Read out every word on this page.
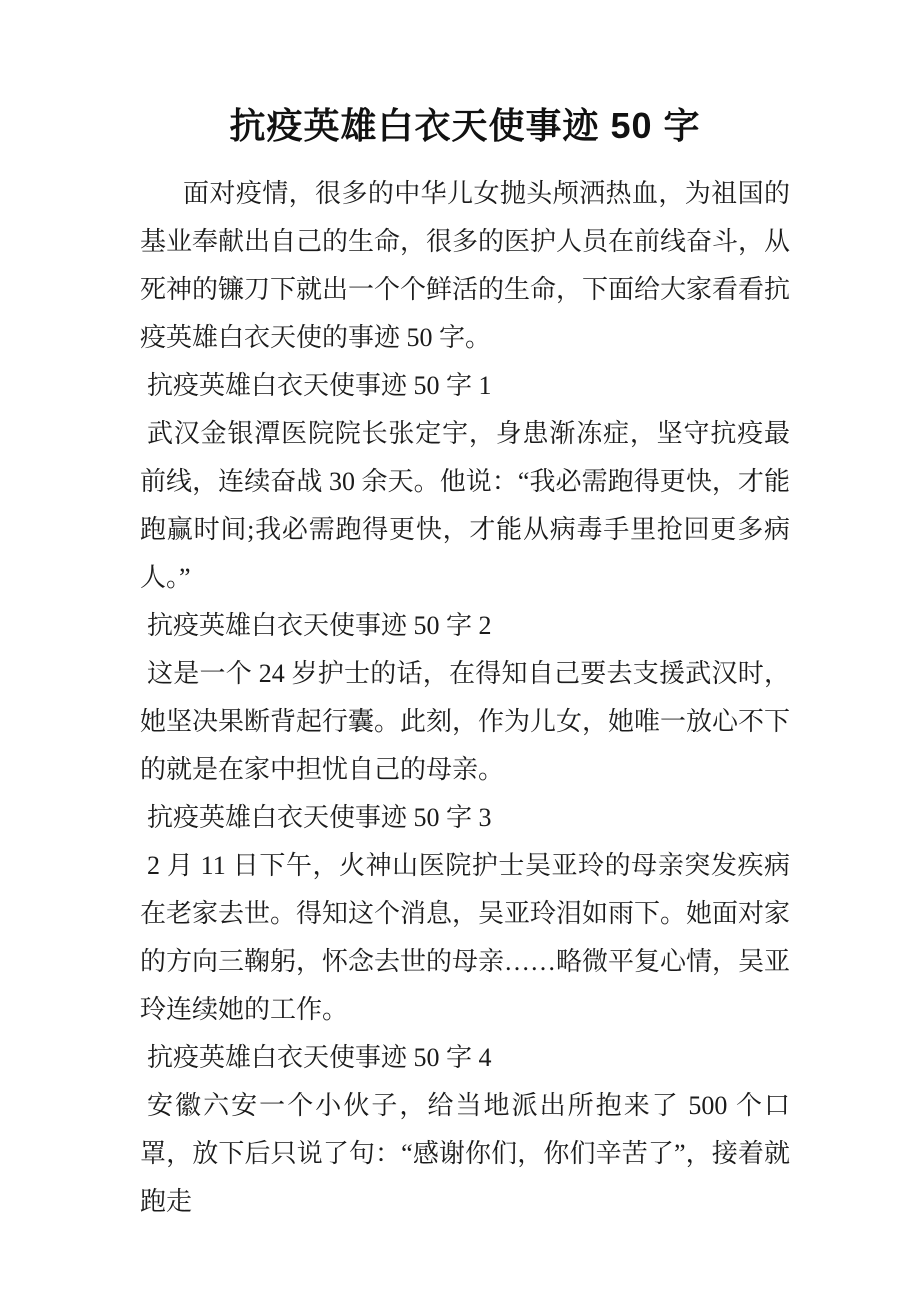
抗疫英雄白衣天使事迹 50 字

面对疫情，很多的中华儿女抛头颅洒热血，为祖国的基业奉献出自己的生命，很多的医护人员在前线奋斗，从死神的镰刀下就出一个个鲜活的生命，下面给大家看看抗疫英雄白衣天使的事迹 50 字。

抗疫英雄白衣天使事迹 50 字 1

武汉金银潭医院院长张定宇，身患渐冻症，坚守抗疫最前线，连续奋战 30 余天。他说：“我必需跑得更快，才能跑赢时间;我必需跑得更快，才能从病毒手里抢回更多病人。”

抗疫英雄白衣天使事迹 50 字 2

这是一个 24 岁护士的话，在得知自己要去支援武汉时，她坚决果断背起行囊。此刻，作为儿女，她唯一放心不下的就是在家中担忧自己的母亲。

抗疫英雄白衣天使事迹 50 字 3

2 月 11 日下午，火神山医院护士吴亚玲的母亲突发疾病在老家去世。得知这个消息，吴亚玲泪如雨下。她面对家的方向三鞠躬，怀念去世的母亲……略微平复心情，吴亚玲连续她的工作。

抗疫英雄白衣天使事迹 50 字 4

安徽六安一个小伙子，给当地派出所抱来了 500 个口罩，放下后只说了句：“感谢你们，你们辛苦了”，接着就跑走
